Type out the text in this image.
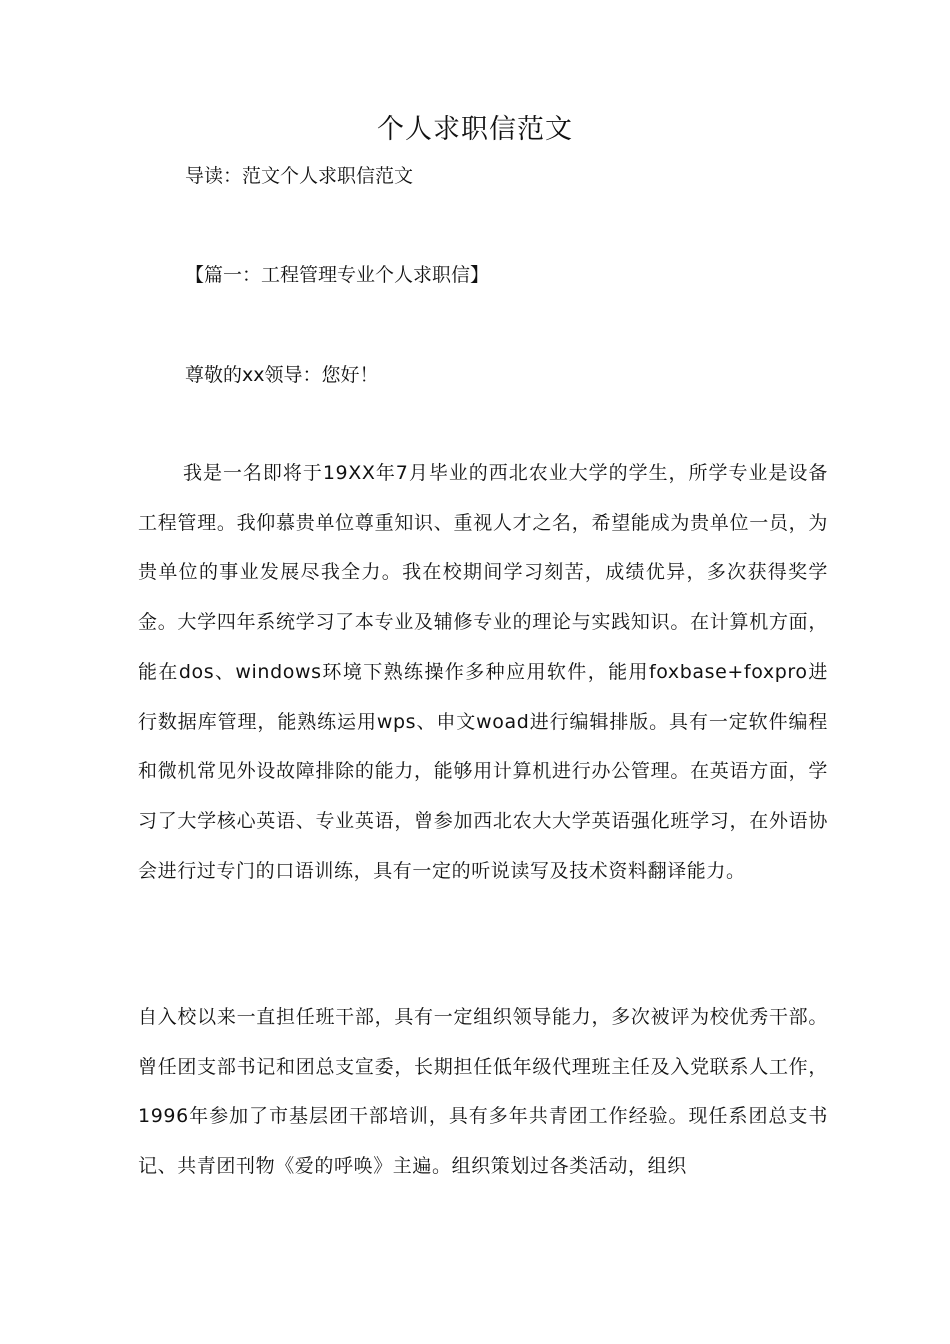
个人求职信范文

导读：范文个人求职信范文

【篇一：工程管理专业个人求职信】

尊敬的xx领导：您好！

我是一名即将于19XX年7月毕业的西北农业大学的学生，所学专业是设备工程管理。我仰慕贵单位尊重知识、重视人才之名，希望能成为贵单位一员，为贵单位的事业发展尽我全力。我在校期间学习刻苦，成绩优异，多次获得奖学金。大学四年系统学习了本专业及辅修专业的理论与实践知识。在计算机方面，能在dos、windows环境下熟练操作多种应用软件，能用foxbase+foxpro进行数据库管理，能熟练运用wps、申文woad进行编辑排版。具有一定软件编程和微机常见外设故障排除的能力，能够用计算机进行办公管理。在英语方面，学习了大学核心英语、专业英语，曾参加西北农大大学英语强化班学习，在外语协会进行过专门的口语训练，具有一定的听说读写及技术资料翻译能力。

自入校以来一直担任班干部，具有一定组织领导能力，多次被评为校优秀干部。曾任团支部书记和团总支宣委，长期担任低年级代理班主任及入党联系人工作，1996年参加了市基层团干部培训，具有多年共青团工作经验。现任系团总支书记、共青团刊物《爱的呼唤》主遍。组织策划过各类活动，组织
